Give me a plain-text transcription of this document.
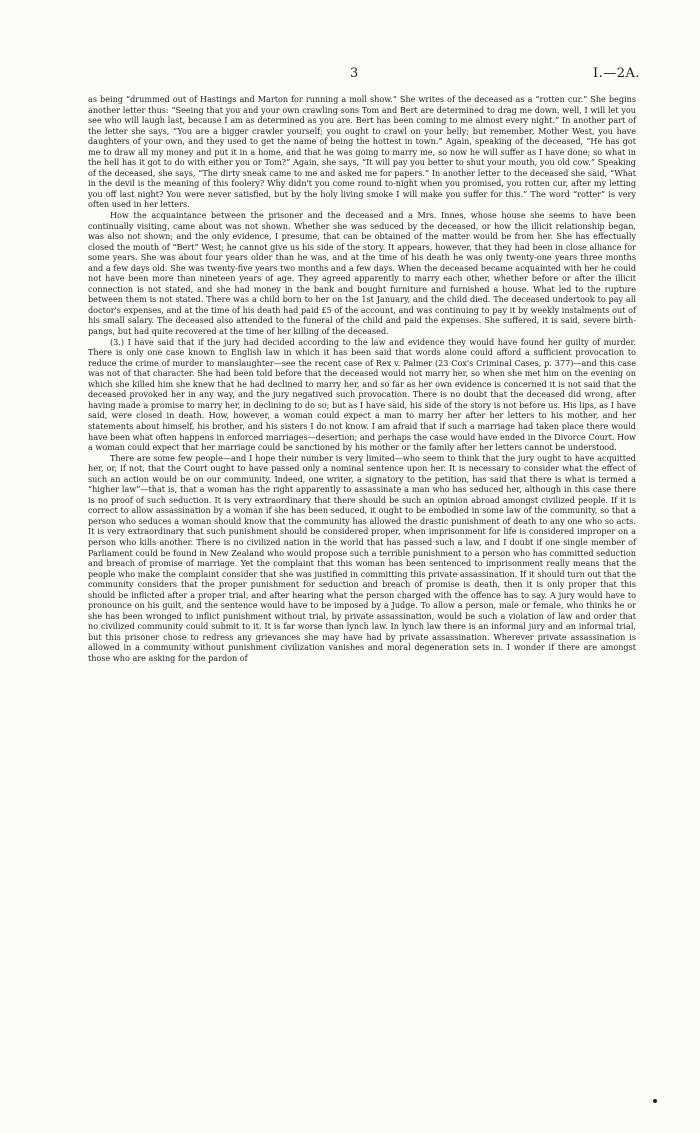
3	I.—2A.

as being “drummed out of Hastings and Marton for running a moll show.” She writes of the deceased as a “rotten cur.” She begins another letter thus: “Seeing that you and your own crawling sons Tom and Bert are determined to drag me down, well, I will let you see who will laugh last, because I am as determined as you are. Bert has been coming to me almost every night.” In another part of the letter she says, “You are a bigger crawler yourself; you ought to crawl on your belly; but remember, Mother West, you have daughters of your own, and they used to get the name of being the hottest in town.” Again, speaking of the deceased, “He has got me to draw all my money and put it in a home, and that he was going to marry me, so now he will suffer as I have done; so what in the hell has it got to do with either you or Tom?” Again, she says, “It will pay you better to shut your mouth, you old cow.” Speaking of the deceased, she says, “The dirty sneak came to me and asked me for papers.” In another letter to the deceased she said, “What in the devil is the meaning of this foolery? Why didn't you come round to-night when you promised, you rotten cur, after my letting you off last night? You were never satisfied, but by the holy living smoke I will make you suffer for this.” The word “rotter” is very often used in her letters.

How the acquaintance between the prisoner and the deceased and a Mrs. Innes, whose house she seems to have been continually visiting, came about was not shown. Whether she was seduced by the deceased, or how the illicit relationship began, was also not shown; and the only evidence, I presume, that can be obtained of the matter would be from her. She has effectually closed the mouth of “Bert” West; he cannot give us his side of the story. It appears, however, that they had been in close alliance for some years. She was about four years older than he was, and at the time of his death he was only twenty-one years three months and a few days old. She was twenty-five years two months and a few days. When the deceased became acquainted with her he could not have been more than nineteen years of age. They agreed apparently to marry each other, whether before or after the illicit connection is not stated, and she had money in the bank and bought furniture and furnished a house. What led to the rupture between them is not stated. There was a child born to her on the 1st January, and the child died. The deceased undertook to pay all doctor's expenses, and at the time of his death had paid £5 of the account, and was continuing to pay it by weekly instalments out of his small salary. The deceased also attended to the funeral of the child and paid the expenses. She suffered, it is said, severe birth-pangs, but had quite recovered at the time of her killing of the deceased.

(3.) I have said that if the jury had decided according to the law and evidence they would have found her guilty of murder. There is only one case known to English law in which it has been said that words alone could afford a sufficient provocation to reduce the crime of murder to manslaughter—see the recent case of Rex v. Palmer (23 Cox's Criminal Cases, p. 377)—and this case was not of that character. She had been told before that the deceased would not marry her, so when she met him on the evening on which she killed him she knew that he had declined to marry her, and so far as her own evidence is concerned it is not said that the deceased provoked her in any way, and the jury negatived such provocation. There is no doubt that the deceased did wrong, after having made a promise to marry her, in declining to do so; but as I have said, his side of the story is not before us. His lips, as I have said, were closed in death. How, however, a woman could expect a man to marry her after her letters to his mother, and her statements about himself, his brother, and his sisters I do not know. I am afraid that if such a marriage had taken place there would have been what often happens in enforced marriages—desertion; and perhaps the case would have ended in the Divorce Court. How a woman could expect that her marriage could be sanctioned by his mother or the family after her letters cannot be understood.

There are some few people—and I hope their number is very limited—who seem to think that the jury ought to have acquitted her, or, if not, that the Court ought to have passed only a nominal sentence upon her. It is necessary to consider what the effect of such an action would be on our community. Indeed, one writer, a signatory to the petition, has said that there is what is termed a “higher law”—that is, that a woman has the right apparently to assassinate a man who has seduced her, although in this case there is no proof of such seduction. It is very extraordinary that there should be such an opinion abroad amongst civilized people. If it is correct to allow assassination by a woman if she has been seduced, it ought to be embodied in some law of the community, so that a person who seduces a woman should know that the community has allowed the drastic punishment of death to any one who so acts. It is very extraordinary that such punishment should be considered proper, when imprisonment for life is considered improper on a person who kills another. There is no civilized nation in the world that has passed such a law, and I doubt if one single member of Parliament could be found in New Zealand who would propose such a terrible punishment to a person who has committed seduction and breach of promise of marriage. Yet the complaint that this woman has been sentenced to imprisonment really means that the people who make the complaint consider that she was justified in committing this private assassination. If it should turn out that the community considers that the proper punishment for seduction and breach of promise is death, then it is only proper that this should be inflicted after a proper trial, and after hearing what the person charged with the offence has to say. A jury would have to pronounce on his guilt, and the sentence would have to be imposed by a Judge. To allow a person, male or female, who thinks he or she has been wronged to inflict punishment without trial, by private assassination, would be such a violation of law and order that no civilized community could submit to it. It is far worse than lynch law. In lynch law there is an informal jury and an informal trial, but this prisoner chose to redress any grievances she may have had by private assassination. Wherever private assassination is allowed in a community without punishment civilization vanishes and moral degeneration sets in. I wonder if there are amongst those who are asking for the pardon of
